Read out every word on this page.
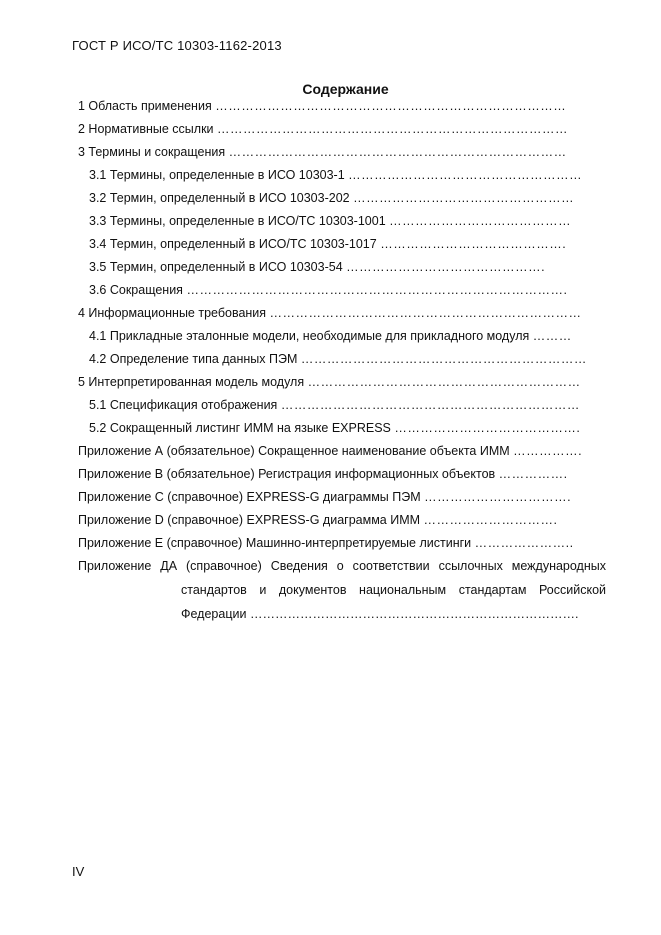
ГОСТ Р ИСО/ТС 10303-1162-2013
Содержание
1 Область применения ………………………………………………………………………
2 Нормативные ссылки ………………………………………………………………………
3 Термины и сокращения ……………………………………………………………………
3.1 Термины, определенные в ИСО 10303-1 ………………………………………………
3.2 Термин, определенный в ИСО 10303-202 ……………………………………………
3.3 Термины, определенные в ИСО/ТС 10303-1001 ……………………………………
3.4 Термин, определенный в ИСО/ТС 10303-1017 …………………………………….
3.5 Термин, определенный в ИСО 10303-54 ……………………………………….
3.6 Сокращения …………………………………………………………………………….
4 Информационные требования ………………………………………………………………
4.1 Прикладные эталонные модели, необходимые для прикладного модуля ………
4.2 Определение типа данных ПЭМ …………………………………………………………
5 Интерпретированная модель модуля ………………………………………………………
5.1 Спецификация отображения ……………………………………………………………
5.2 Сокращенный листинг ИММ на языке EXPRESS …………………………………….
Приложение А (обязательное) Сокращенное наименование объекта ИММ …………….
Приложение В (обязательное) Регистрация информационных объектов …………….
Приложение С (справочное) EXPRESS-G диаграммы ПЭМ …………………………….
Приложение D (справочное) EXPRESS-G диаграмма ИММ ………………………….
Приложение Е (справочное) Машинно-интерпретируемые листинги …………………..
Приложение ДА (справочное) Сведения о соответствии ссылочных международных
стандартов и документов национальным стандартам Российской
Федерации …………………………………………………………………….
IV
